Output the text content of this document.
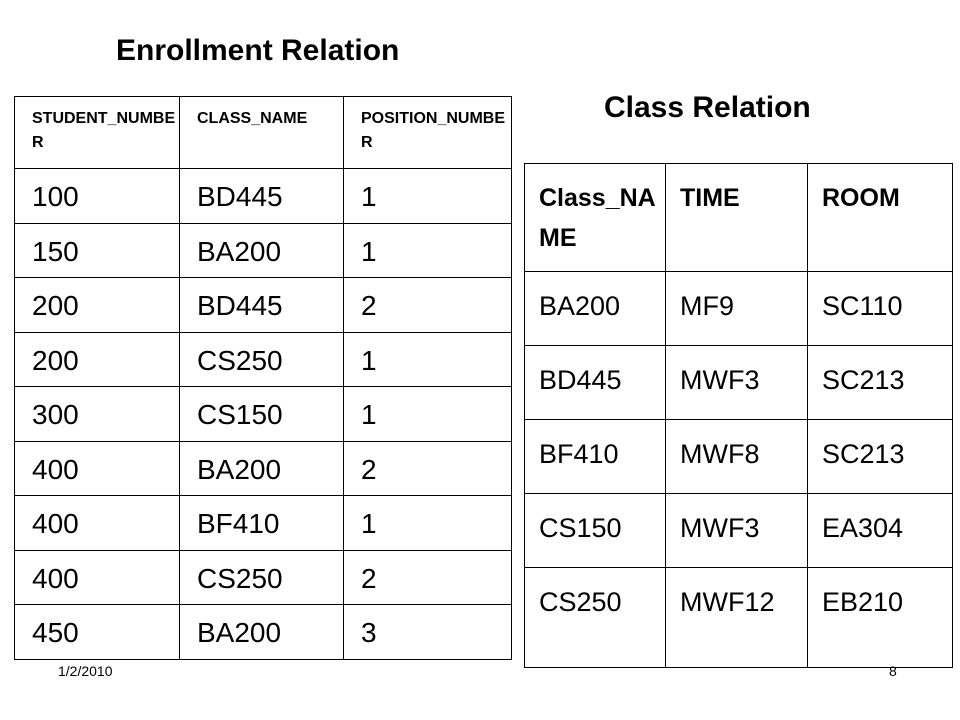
Enrollment Relation
Class Relation
STUDENT_NUMBER	CLASS_NAME	POSITION_NUMBER
100	BD445	1
150	BA200	1
200	BD445	2
200	CS250	1
300	CS150	1
400	BA200	2
400	BF410	1
400	CS250	2
450	BA200	3
Class_NAME	TIME	ROOM
BA200	MF9	SC110
BD445	MWF3	SC213
BF410	MWF8	SC213
CS150	MWF3	EA304
CS250	MWF12	EB210
1/2/2010	8
